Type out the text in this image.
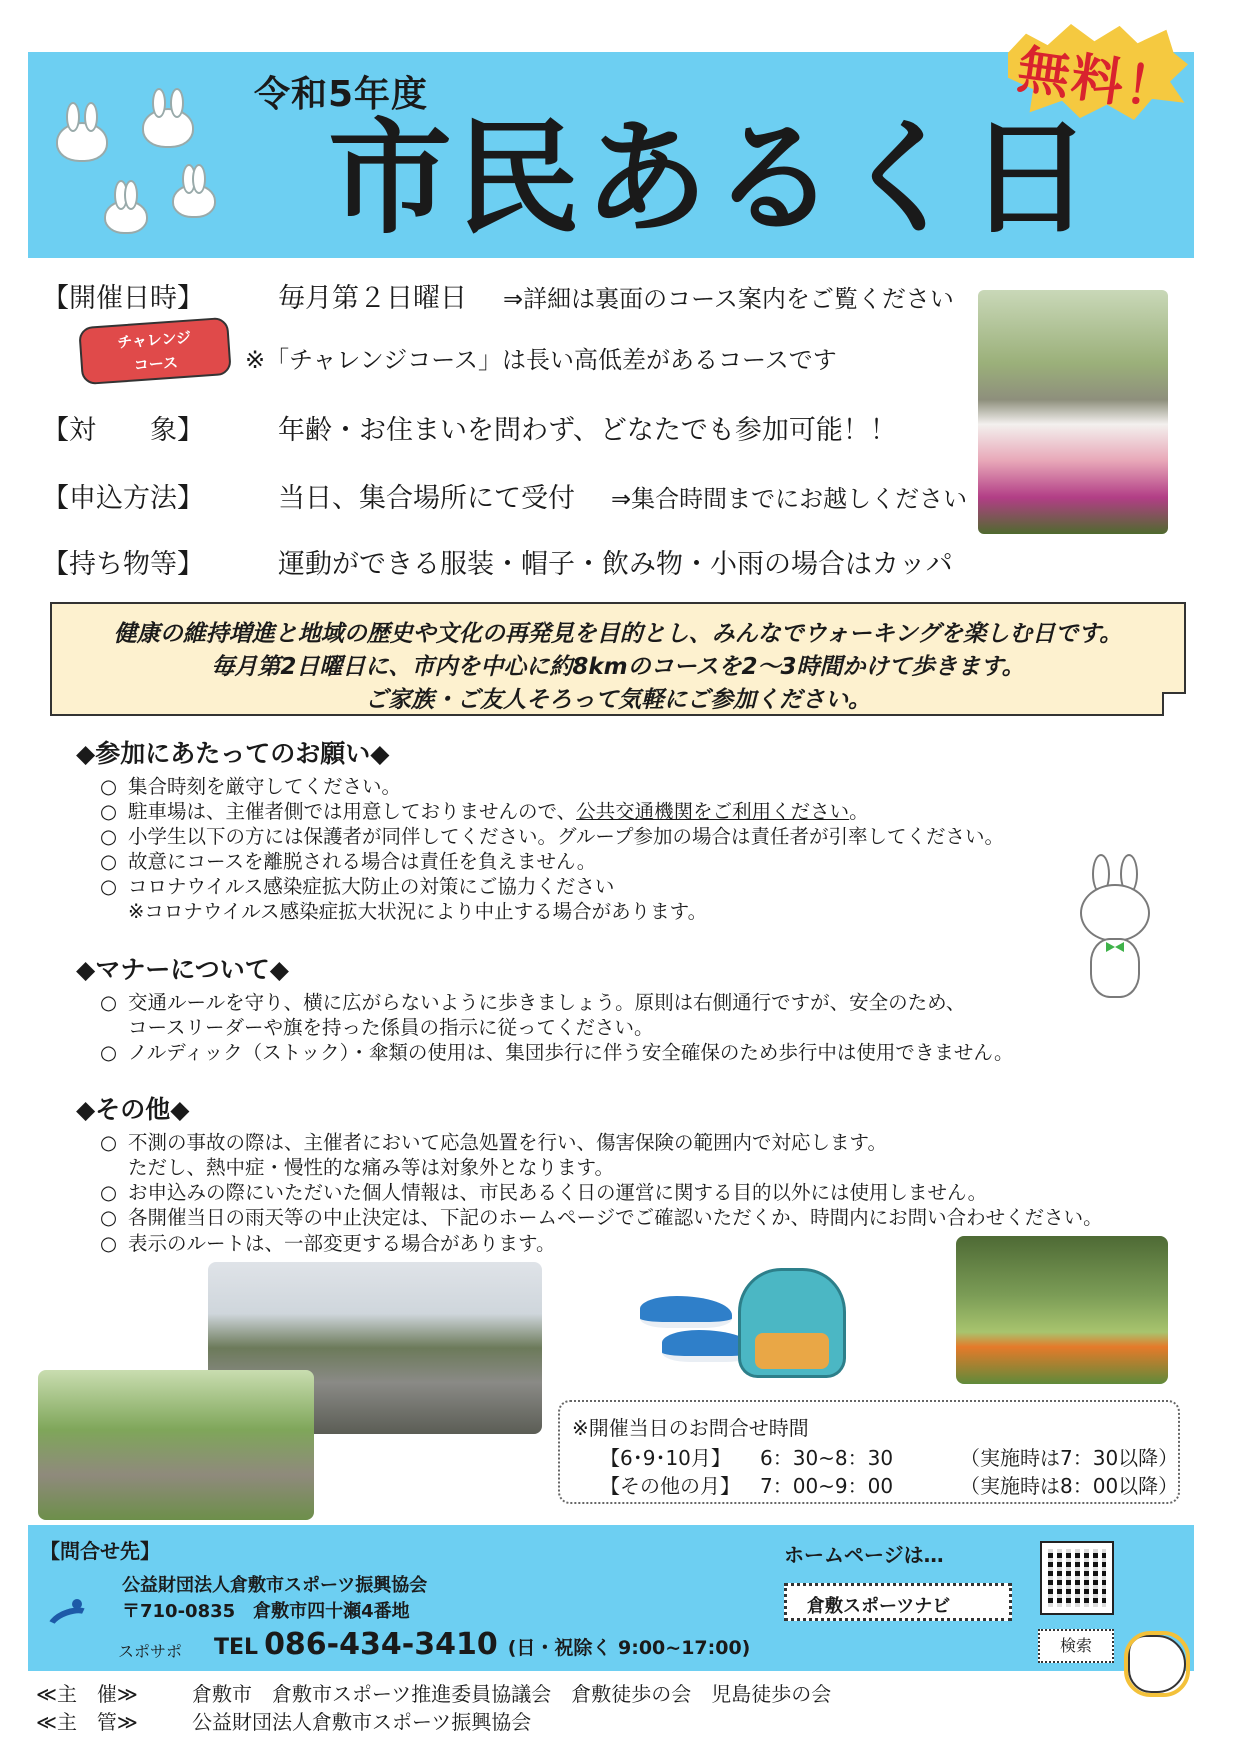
令和5年度
市民あるく日
無料！
【開催日時】	毎月第２日曜日 ⇒詳細は裏面のコース案内をご覧ください
チャレンジ
コース	※「チャレンジコース」は長い高低差があるコースです
【対　　象】	年齢・お住まいを問わず、どなたでも参加可能！！
【申込方法】	当日、集合場所にて受付 ⇒集合時間までにお越しください
【持ち物等】	運動ができる服装・帽子・飲み物・小雨の場合はカッパ
健康の維持増進と地域の歴史や文化の再発見を目的とし、みんなでウォーキングを楽しむ日です。
毎月第2日曜日に、市内を中心に約8kmのコースを2～3時間かけて歩きます。
ご家族・ご友人そろって気軽にご参加ください。
◆参加にあたってのお願い◆
○ 集合時刻を厳守してください。
○ 駐車場は、主催者側では用意しておりませんので、公共交通機関をご利用ください。
○ 小学生以下の方には保護者が同伴してください。グループ参加の場合は責任者が引率してください。
○ 故意にコースを離脱される場合は責任を負えません。
○ コロナウイルス感染症拡大防止の対策にご協力ください
※コロナウイルス感染症拡大状況により中止する場合があります。
◆マナーについて◆
○ 交通ルールを守り、横に広がらないように歩きましょう。原則は右側通行ですが、安全のため、
コースリーダーや旗を持った係員の指示に従ってください。
○ ノルディック（ストック）・傘類の使用は、集団歩行に伴う安全確保のため歩行中は使用できません。
◆その他◆
○ 不測の事故の際は、主催者において応急処置を行い、傷害保険の範囲内で対応します。
ただし、熱中症・慢性的な痛み等は対象外となります。
○ お申込みの際にいただいた個人情報は、市民あるく日の運営に関する目的以外には使用しません。
○ 各開催当日の雨天等の中止決定は、下記のホームページでご確認いただくか、時間内にお問い合わせください。
○ 表示のルートは、一部変更する場合があります。
※開催当日のお問合せ時間
【6･9･10月】 6：30~8：30	（実施時は7：30以降）
【その他の月】 7：00~9：00	（実施時は8：00以降）
【問合せ先】
公益財団法人倉敷市スポーツ振興協会
〒710-0835　倉敷市四十瀬4番地
スポサポ TEL 086-434-3410 (日・祝除く 9:00~17:00)
ホームページは…
倉敷スポーツナビ
検索
≪主　催≫	倉敷市　倉敷市スポーツ推進委員協議会　倉敷徒歩の会　児島徒歩の会
≪主　管≫	公益財団法人倉敷市スポーツ振興協会
